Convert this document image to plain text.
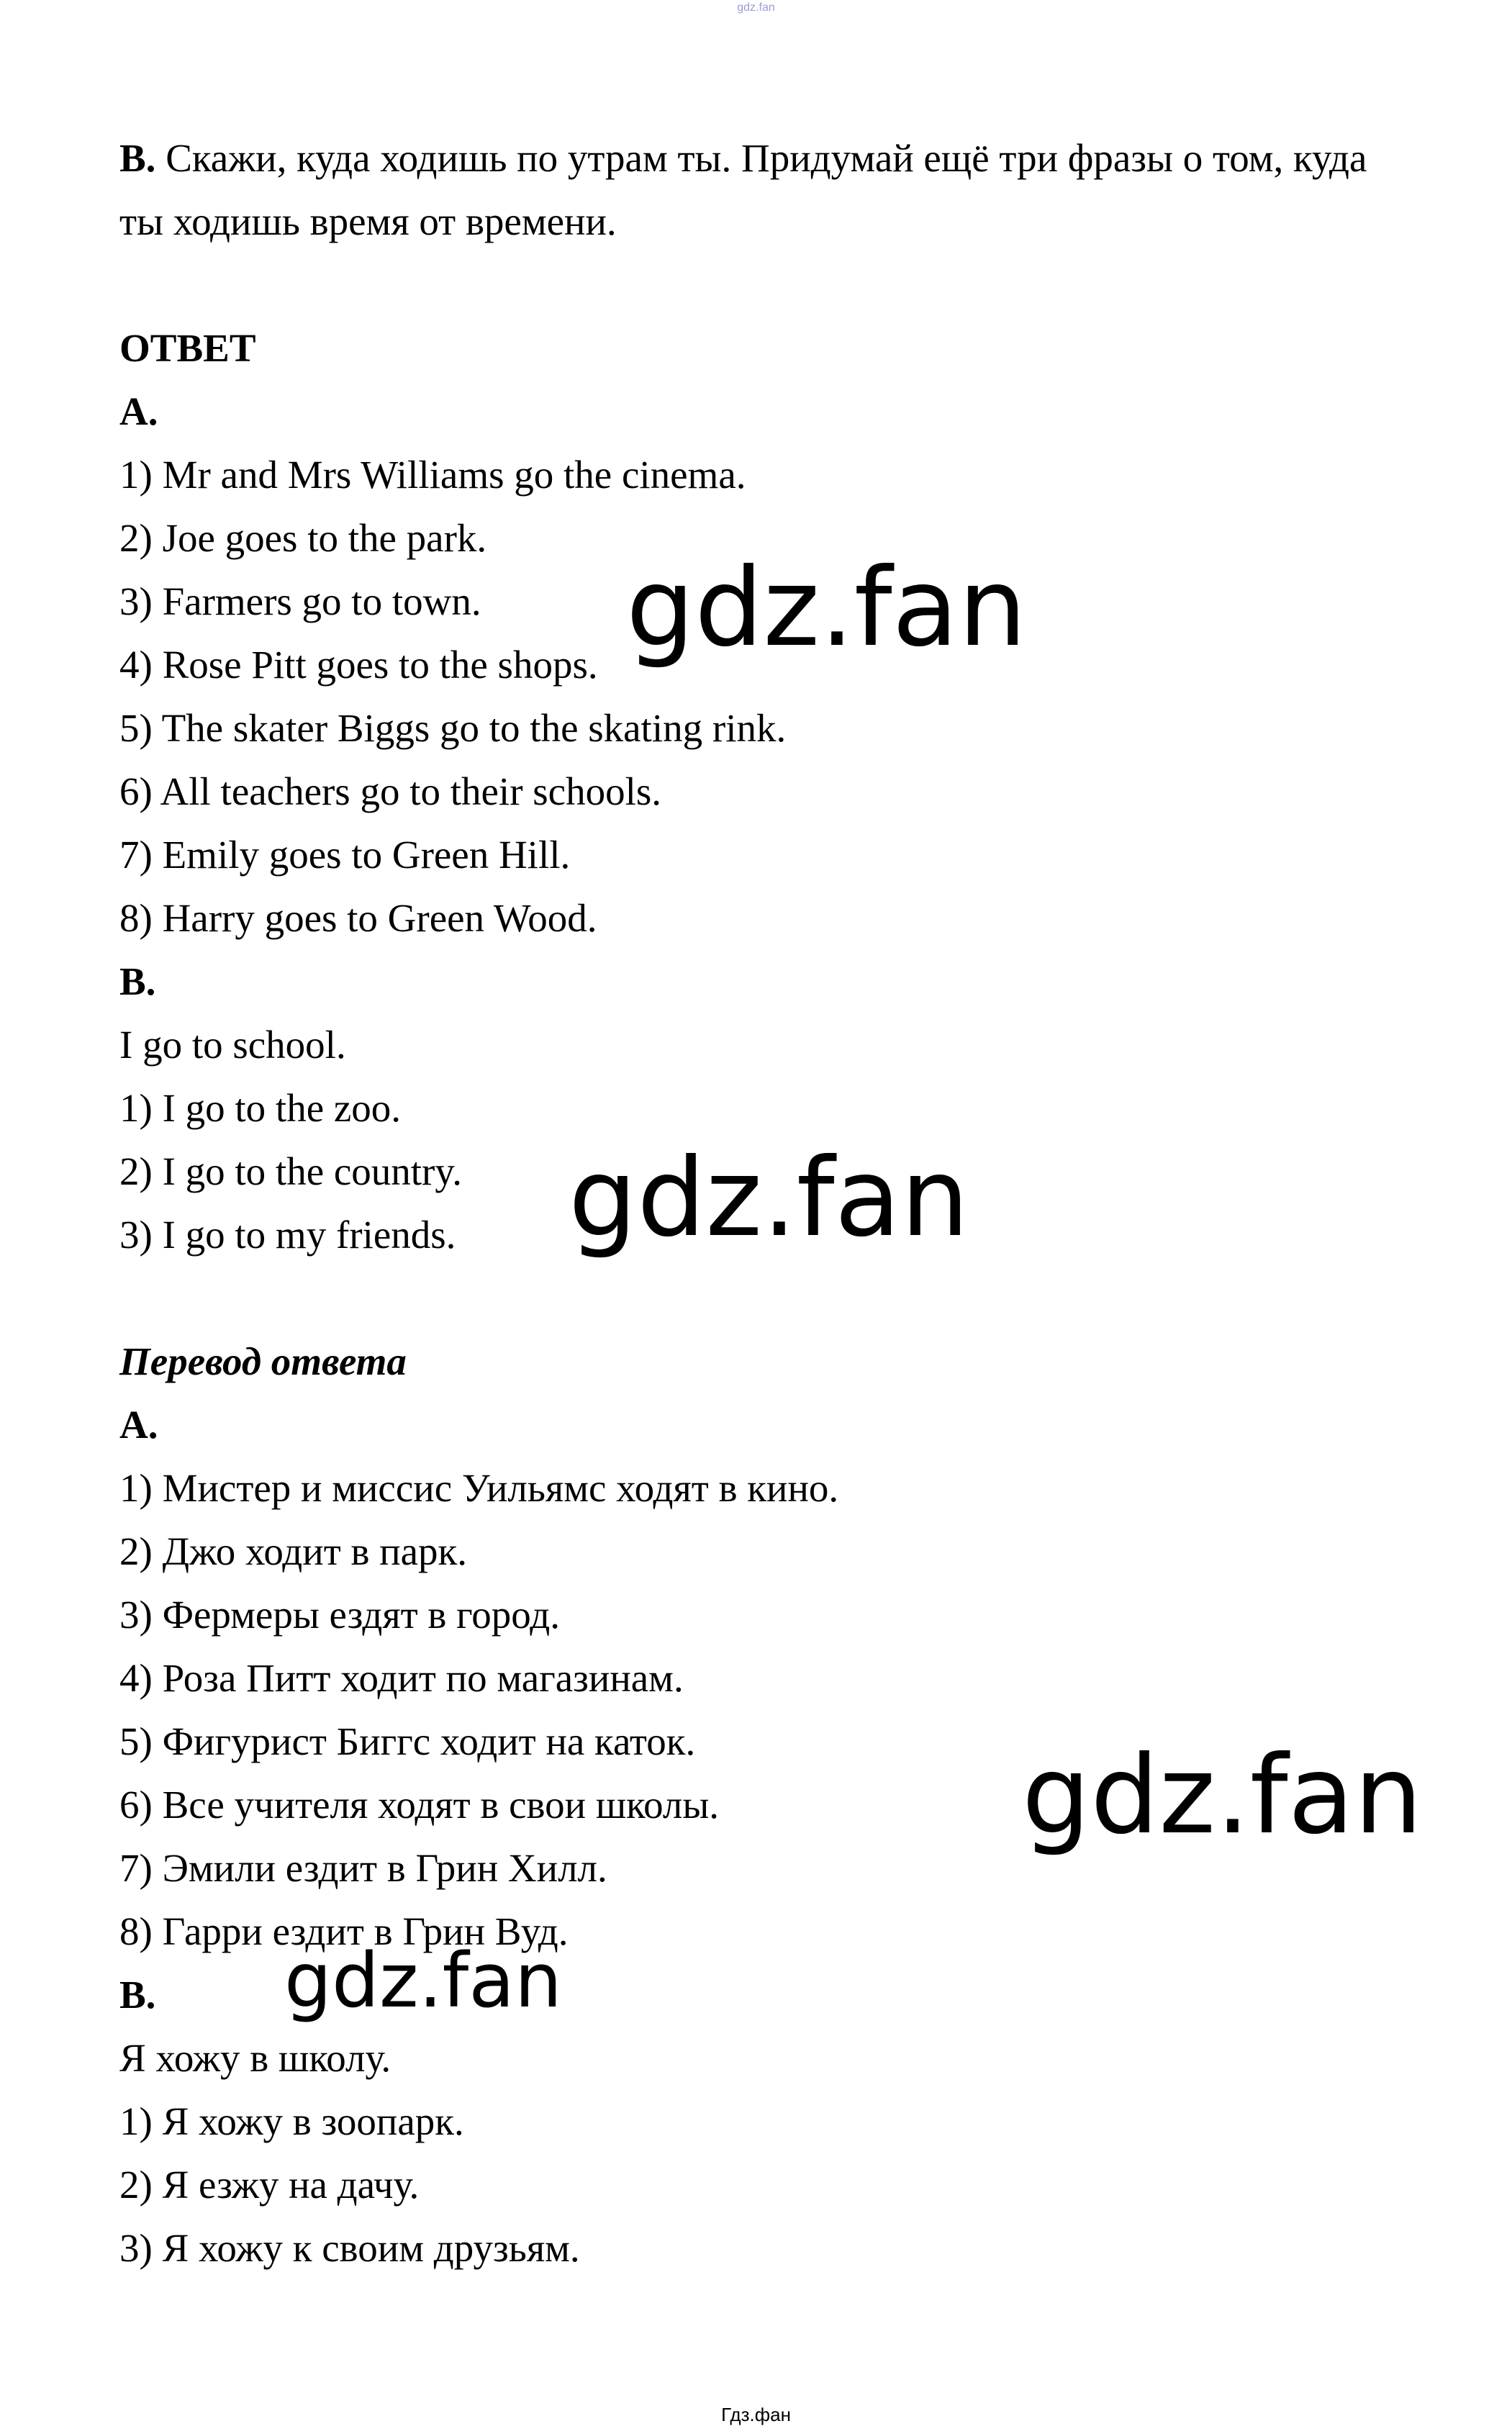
gdz.fan
B. Скажи, куда ходишь по утрам ты. Придумай ещё три фразы о том, куда ты ходишь время от времени.
ОТВЕТ
A.
1) Mr and Mrs Williams go the cinema.
2) Joe goes to the park.
3) Farmers go to town.
4) Rose Pitt goes to the shops.
5) The skater Biggs go to the skating rink.
6) All teachers go to their schools.
7) Emily goes to Green Hill.
8) Harry goes to Green Wood.
B.
I go to school.
1) I go to the zoo.
2) I go to the country.
3) I go to my friends.
Перевод ответа
A.
1) Мистер и миссис Уильямс ходят в кино.
2) Джо ходит в парк.
3) Фермеры ездят в город.
4) Роза Питт ходит по магазинам.
5) Фигурист Биггс ходит на каток.
6) Все учителя ходят в свои школы.
7) Эмили ездит в Грин Хилл.
8) Гарри ездит в Грин Вуд.
B.
Я хожу в школу.
1) Я хожу в зоопарк.
2) Я езжу на дачу.
3) Я хожу к своим друзьям.
gdz.fan
gdz.fan
gdz.fan
gdz.fan
Гдз.фан
